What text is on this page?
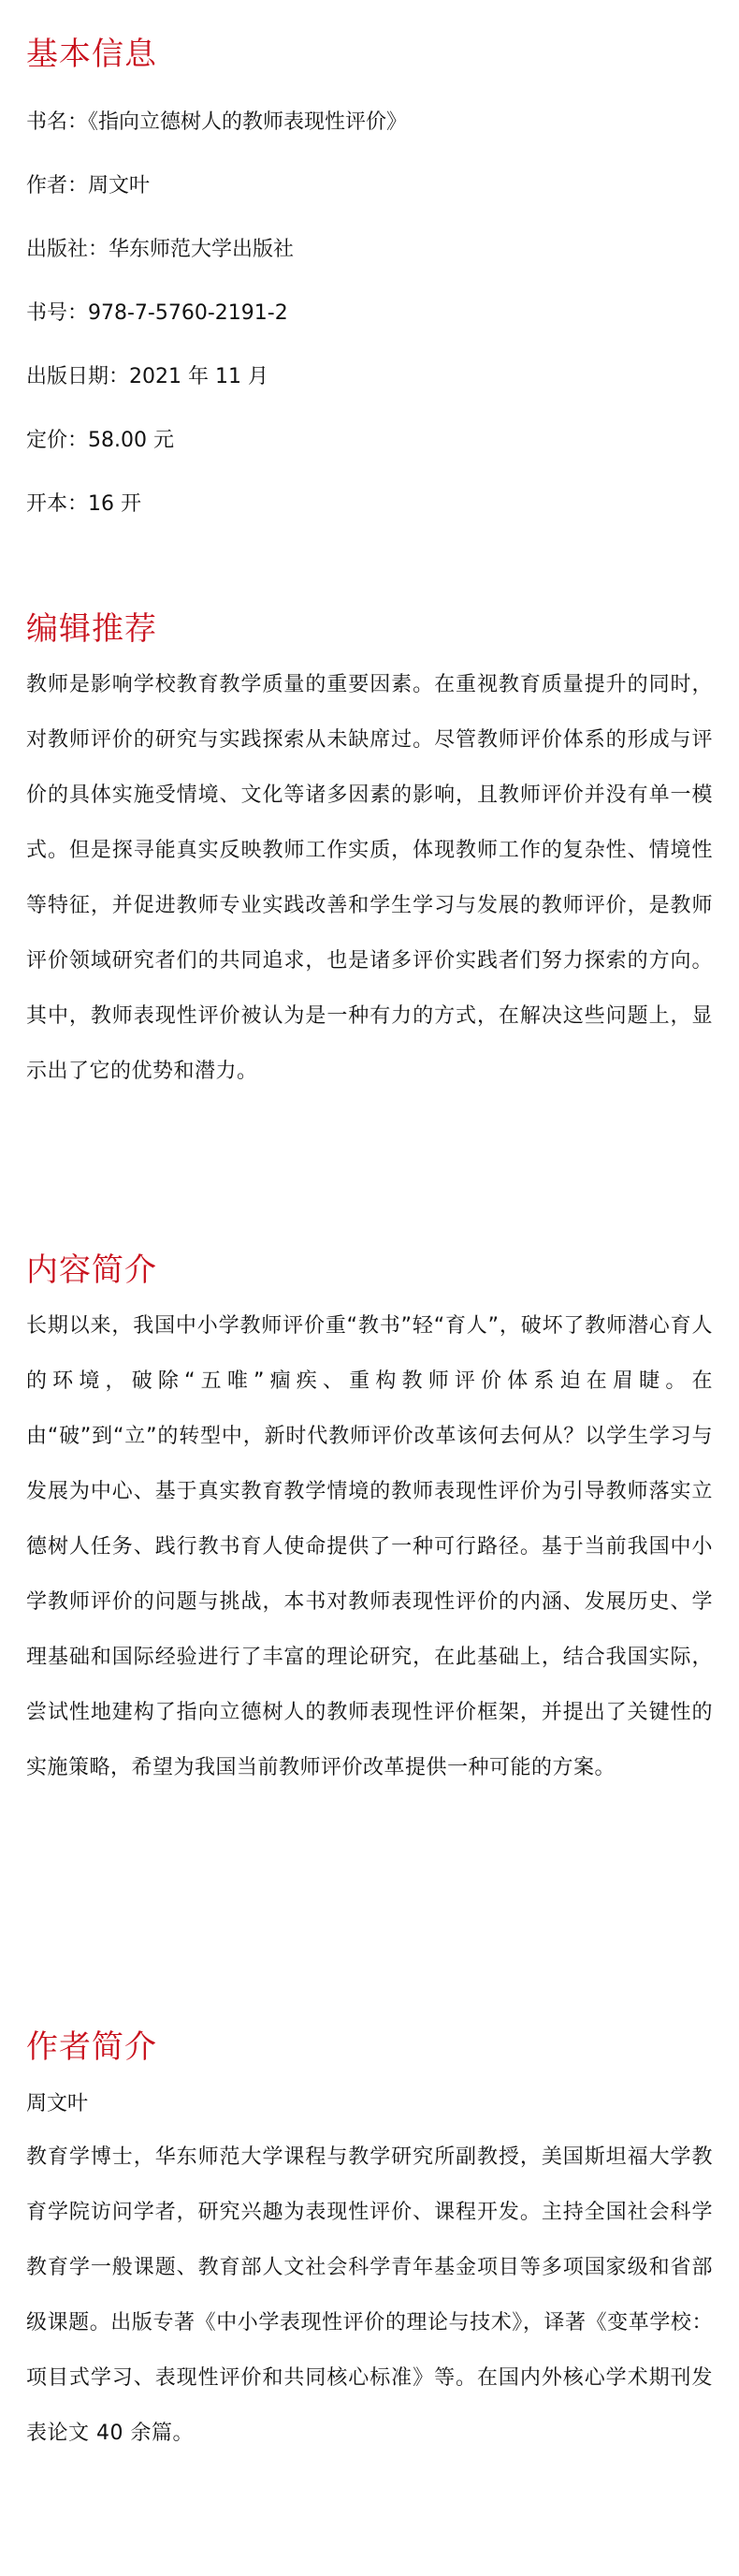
基本信息

书名：《指向立德树人的教师表现性评价》

作者：周文叶

出版社：华东师范大学出版社

书号：978-7-5760-2191-2

出版日期：2021 年 11 月

定价：58.00 元

开本：16 开

编辑推荐

教师是影响学校教育教学质量的重要因素。在重视教育质量提升的同时，对教师评价的研究与实践探索从未缺席过。尽管教师评价体系的形成与评价的具体实施受情境、文化等诸多因素的影响，且教师评价并没有单一模式。但是探寻能真实反映教师工作实质，体现教师工作的复杂性、情境性等特征，并促进教师专业实践改善和学生学习与发展的教师评价，是教师评价领域研究者们的共同追求，也是诸多评价实践者们努力探索的方向。其中，教师表现性评价被认为是一种有力的方式，在解决这些问题上，显示出了它的优势和潜力。

内容简介

长期以来，我国中小学教师评价重“教书”轻“育人”，破坏了教师潜心育人的环境，破除“五唯”痼疾、重构教师评价体系迫在眉睫。在由“破”到“立”的转型中，新时代教师评价改革该何去何从？以学生学习与发展为中心、基于真实教育教学情境的教师表现性评价为引导教师落实立德树人任务、践行教书育人使命提供了一种可行路径。基于当前我国中小学教师评价的问题与挑战，本书对教师表现性评价的内涵、发展历史、学理基础和国际经验进行了丰富的理论研究，在此基础上，结合我国实际，尝试性地建构了指向立德树人的教师表现性评价框架，并提出了关键性的实施策略，希望为我国当前教师评价改革提供一种可能的方案。

作者简介

周文叶

教育学博士，华东师范大学课程与教学研究所副教授，美国斯坦福大学教育学院访问学者，研究兴趣为表现性评价、课程开发。主持全国社会科学教育学一般课题、教育部人文社会科学青年基金项目等多项国家级和省部级课题。出版专著《中小学表现性评价的理论与技术》，译著《变革学校：项目式学习、表现性评价和共同核心标准》等。在国内外核心学术期刊发表论文 40 余篇。
